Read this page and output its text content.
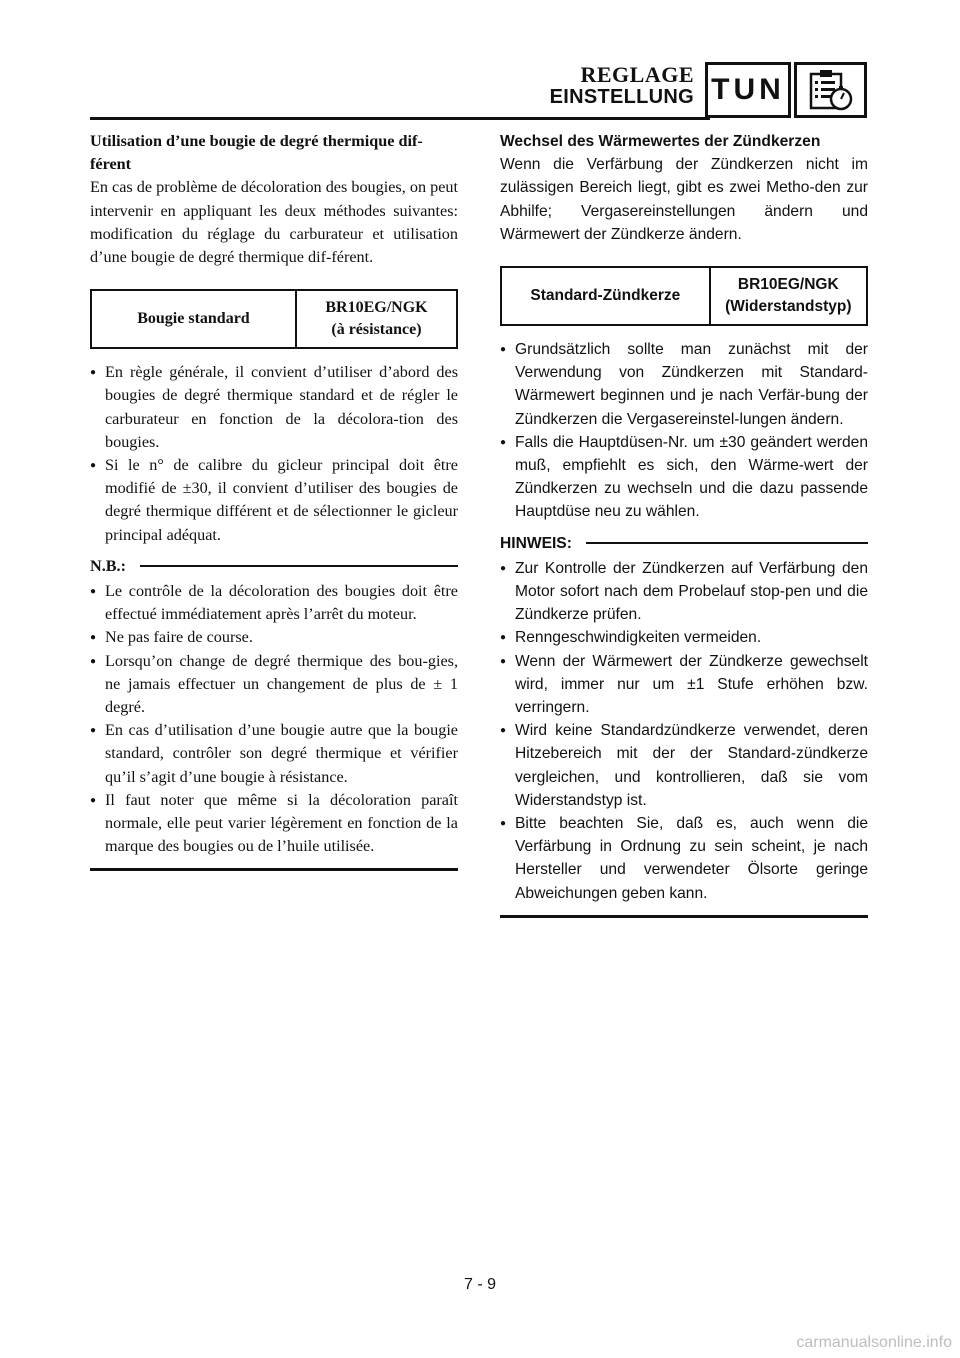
REGLAGE
EINSTELLUNG TUN

Utilisation d’une bougie de degré thermique dif-
férent

En cas de problème de décoloration des bougies, on peut intervenir en appliquant les deux méthodes suivantes: modification du réglage du carburateur et utilisation d’une bougie de degré thermique dif-férent.

Bougie standard	BR10EG/NGK
(à résistance)
● En règle générale, il convient d’utiliser d’abord des bougies de degré thermique standard et de régler le carburateur en fonction de la décolora-tion des bougies.
● Si le n° de calibre du gicleur principal doit être modifié de ±30, il convient d’utiliser des bougies de degré thermique différent et de sélectionner le gicleur principal adéquat.
N.B.:
● Le contrôle de la décoloration des bougies doit être effectué immédiatement après l’arrêt du moteur.
● Ne pas faire de course.
● Lorsqu’on change de degré thermique des bou-gies, ne jamais effectuer un changement de plus de ± 1 degré.
● En cas d’utilisation d’une bougie autre que la bougie standard, contrôler son degré thermique et vérifier qu’il s’agit d’une bougie à résistance.
● Il faut noter que même si la décoloration paraît normale, elle peut varier légèrement en fonction de la marque des bougies ou de l’huile utilisée.

Wechsel des Wärmewertes der Zündkerzen

Wenn die Verfärbung der Zündkerzen nicht im zulässigen Bereich liegt, gibt es zwei Metho-den zur Abhilfe; Vergasereinstellungen ändern und Wärmewert der Zündkerze ändern.

Standard-Zündkerze	BR10EG/NGK
(Widerstandstyp)
● Grundsätzlich sollte man zunächst mit der Verwendung von Zündkerzen mit Standard-Wärmewert beginnen und je nach Verfär-bung der Zündkerzen die Vergasereinstel-lungen ändern.
● Falls die Hauptdüsen-Nr. um ±30 geändert werden muß, empfiehlt es sich, den Wärme-wert der Zündkerzen zu wechseln und die dazu passende Hauptdüse neu zu wählen.
HINWEIS:
● Zur Kontrolle der Zündkerzen auf Verfärbung den Motor sofort nach dem Probelauf stop-pen und die Zündkerze prüfen.
● Renngeschwindigkeiten vermeiden.
● Wenn der Wärmewert der Zündkerze gewechselt wird, immer nur um ±1 Stufe erhöhen bzw. verringern.
● Wird keine Standardzündkerze verwendet, deren Hitzebereich mit der der Standard-zündkerze vergleichen, und kontrollieren, daß sie vom Widerstandstyp ist.
● Bitte beachten Sie, daß es, auch wenn die Verfärbung in Ordnung zu sein scheint, je nach Hersteller und verwendeter Ölsorte geringe Abweichungen geben kann.
7 - 9
carmanualsonline.info
